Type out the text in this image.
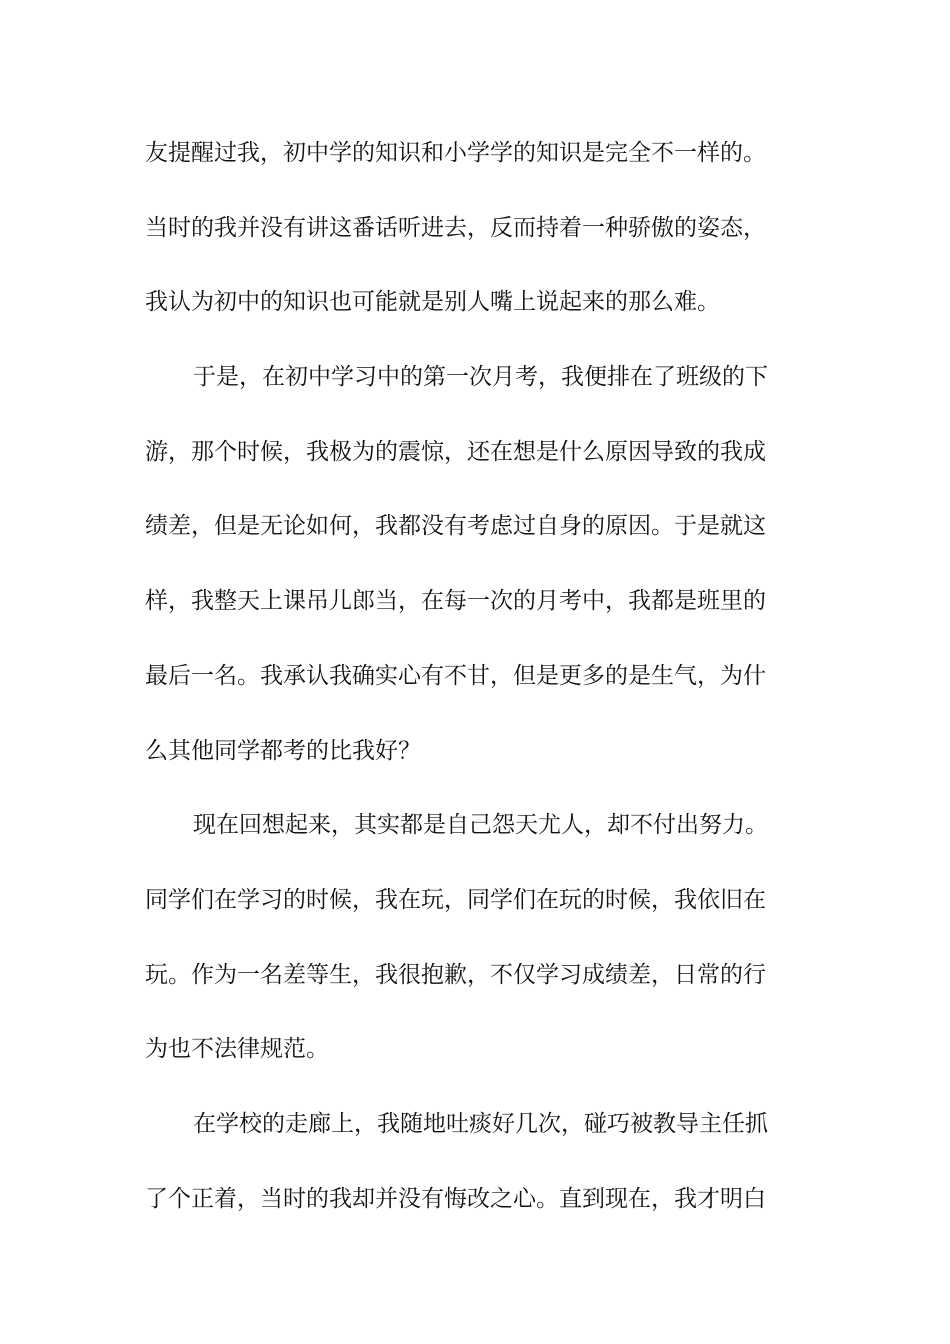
友提醒过我，初中学的知识和小学学的知识是完全不一样的。
当时的我并没有讲这番话听进去，反而持着一种骄傲的姿态，
我认为初中的知识也可能就是别人嘴上说起来的那么难。
于是，在初中学习中的第一次月考，我便排在了班级的下
游，那个时候，我极为的震惊，还在想是什么原因导致的我成
绩差，但是无论如何，我都没有考虑过自身的原因。于是就这
样，我整天上课吊儿郎当，在每一次的月考中，我都是班里的
最后一名。我承认我确实心有不甘，但是更多的是生气，为什
么其他同学都考的比我好？
现在回想起来，其实都是自己怨天尤人，却不付出努力。
同学们在学习的时候，我在玩，同学们在玩的时候，我依旧在
玩。作为一名差等生，我很抱歉，不仅学习成绩差，日常的行
为也不法律规范。
在学校的走廊上，我随地吐痰好几次，碰巧被教导主任抓
了个正着，当时的我却并没有悔改之心。直到现在，我才明白
